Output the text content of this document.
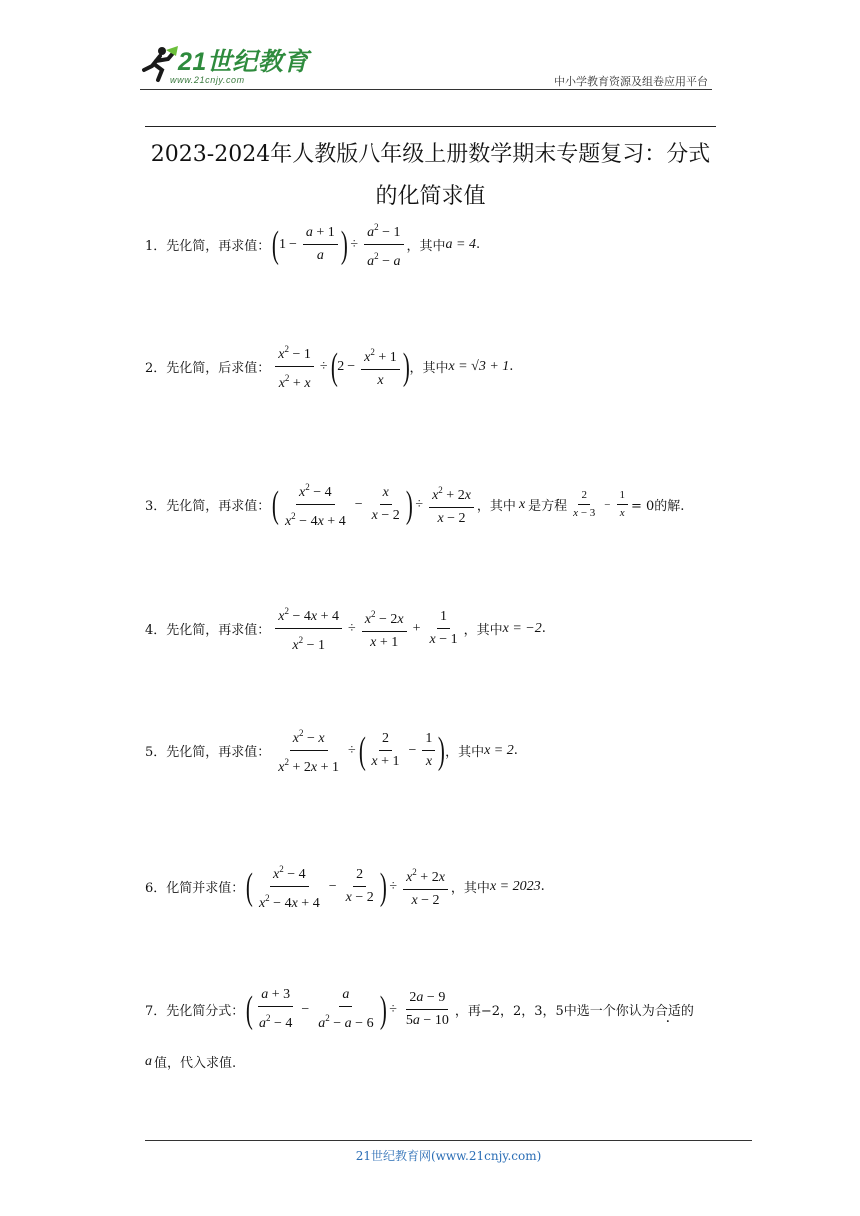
21世纪教育
www.21cnjy.com	中小学教育资源及组卷应用平台
2023-2024年人教版八年级上册数学期末专题复习：分式
的化简求值
1． 先化简，再求值： ( $1 - \frac{a + 1}{a}$ ) ÷ $\frac{a^2 - 1}{a^2 - a}$ ，其中 a = 4 .
2． 先化简，后求值： $\frac{x^2 - 1}{x^2 + x}$ ÷ ( $2 - \frac{x^2 + 1}{x}$ ) ，其中 x = √3 + 1 .
3． 先化简，再求值： ( $\frac{x^2 - 4}{x^2 - 4x + 4} - \frac{x}{x - 2}$ ) ÷ $\frac{x^2 + 2x}{x - 2}$ ，其中 x 是方程 $\frac{2}{x - 3} - \frac{1}{x} = 0$的解.
4． 先化简，再求值： $\frac{x^2 - 4x + 4}{x^2 - 1} \div \frac{x^2 - 2x}{x + 1} + \frac{1}{x - 1}$ ，其中 x = −2 .
5． 先化简，再求值： $\frac{x^2 - x}{x^2 + 2x + 1}$ ÷ ( $\frac{2}{x + 1} - \frac{1}{x}$ ) ，其中 x = 2 .
6． 化简并求值： ( $\frac{x^2 - 4}{x^2 - 4x + 4} - \frac{2}{x - 2}$ ) ÷ $\frac{x^2 + 2x}{x - 2}$ ，其中 x = 2023 .
7． 先化简分式： ( $\frac{a + 3}{a^2 - 4} - \frac{a}{a^2 - a - 6}$ ) ÷ $\frac{2a - 9}{5a - 10}$ ，再−2，2，3，5中选一个你认为 合适 · 的
a 值，代入求值.
21世纪教育网(www.21cnjy.com)
